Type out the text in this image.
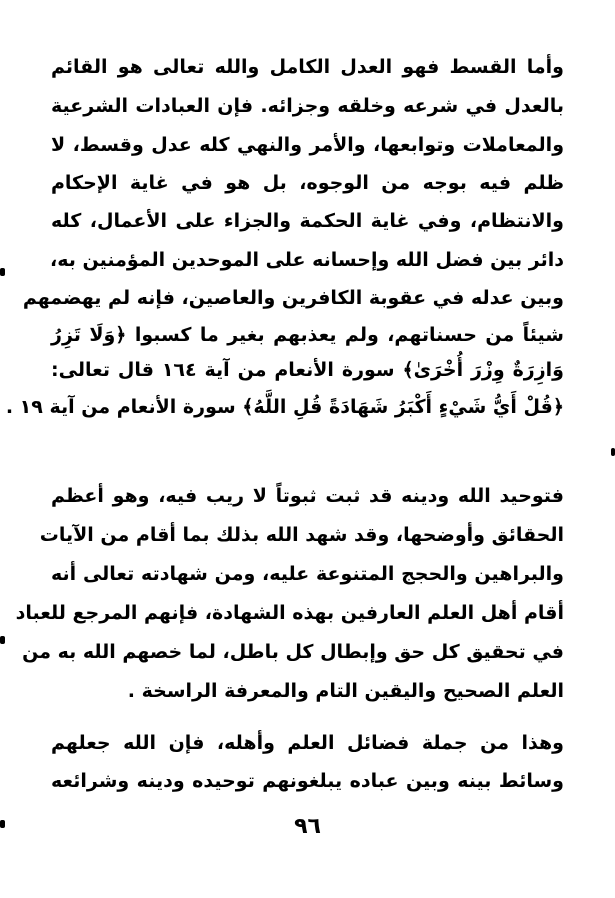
وأما القسط فهو العدل الكامل والله تعالى هو القائم
بالعدل في شرعه وخلقه وجزائه. فإن العبادات الشرعية
والمعاملات وتوابعها، والأمر والنهي كله عدل وقسط، لا
ظلم فيه بوجه من الوجوه، بل هو في غاية الإحكام
والانتظام، وفي غاية الحكمة والجزاء على الأعمال، كله
دائر بين فضل الله وإحسانه على الموحدين المؤمنين به،
وبين عدله في عقوبة الكافرين والعاصين، فإنه لم يهضمهم
شيئاً من حسناتهم، ولم يعذبهم بغير ما كسبوا ﴿وَلَا تَزِرُ
وَازِرَةٌ وِزْرَ أُخْرَىٰ﴾ سورة الأنعام من آية ١٦٤ قال تعالى:
﴿قُلْ أَيُّ شَيْءٍ أَكْبَرُ شَهَادَةً قُلِ اللَّهُ﴾ سورة الأنعام من آية ١٩ .
فتوحيد الله ودينه قد ثبت ثبوتاً لا ريب فيه، وهو أعظم
الحقائق وأوضحها، وقد شهد الله بذلك بما أقام من الآيات
والبراهين والحجج المتنوعة عليه، ومن شهادته تعالى أنه
أقام أهل العلم العارفين بهذه الشهادة، فإنهم المرجع للعباد
في تحقيق كل حق وإبطال كل باطل، لما خصهم الله به من
العلم الصحيح واليقين التام والمعرفة الراسخة .
وهذا من جملة فضائل العلم وأهله، فإن الله جعلهم
وسائط بينه وبين عباده يبلغونهم توحيده ودينه وشرائعه
٩٦
